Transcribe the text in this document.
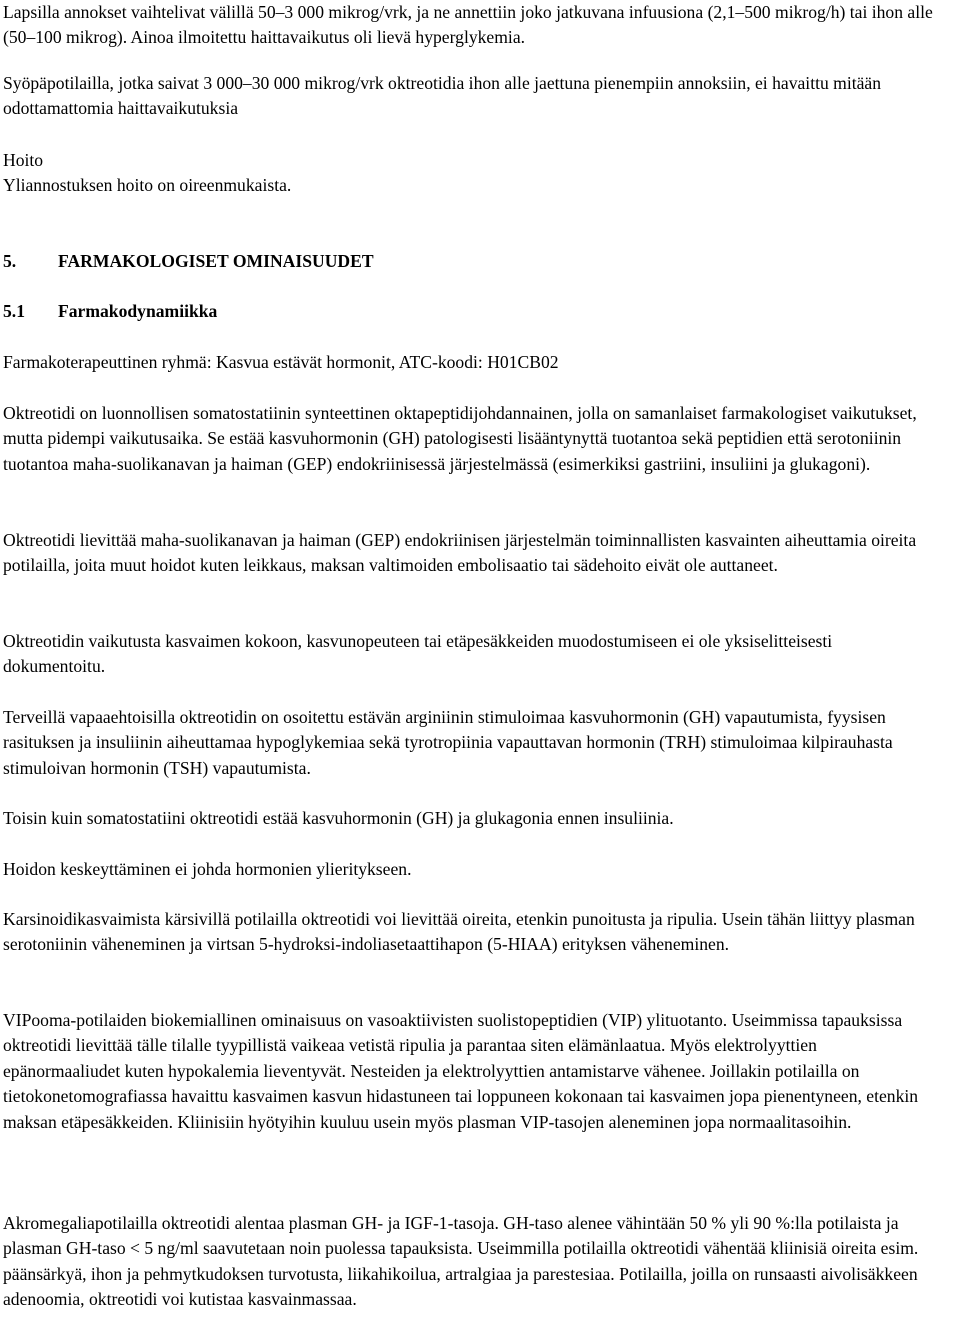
Lapsilla annokset vaihtelivat välillä 50–3 000 mikrog/vrk, ja ne annettiin joko jatkuvana infuusiona (2,1–500 mikrog/h) tai ihon alle (50–100 mikrog). Ainoa ilmoitettu haittavaikutus oli lievä hyperglykemia.

Syöpäpotilailla, jotka saivat 3 000–30 000 mikrog/vrk oktreotidia ihon alle jaettuna pienempiin annoksiin, ei havaittu mitään odottamattomia haittavaikutuksia

Hoito

Yliannostuksen hoito on oireenmukaista.

5. FARMAKOLOGISET OMINAISUUDET

5.1 Farmakodynamiikka

Farmakoterapeuttinen ryhmä: Kasvua estävät hormonit, ATC-koodi: H01CB02

Oktreotidi on luonnollisen somatostatiinin synteettinen oktapeptidijohdannainen, jolla on samanlaiset farmakologiset vaikutukset, mutta pidempi vaikutusaika. Se estää kasvuhormonin (GH) patologisesti lisääntynyttä tuotantoa sekä peptidien että serotoniinin tuotantoa maha-suolikanavan ja haiman (GEP) endokriinisessä järjestelmässä (esimerkiksi gastriini, insuliini ja glukagoni).

Oktreotidi lievittää maha-suolikanavan ja haiman (GEP) endokriinisen järjestelmän toiminnallisten kasvainten aiheuttamia oireita potilailla, joita muut hoidot kuten leikkaus, maksan valtimoiden embolisaatio tai sädehoito eivät ole auttaneet.

Oktreotidin vaikutusta kasvaimen kokoon, kasvunopeuteen tai etäpesäkkeiden muodostumiseen ei ole yksiselitteisesti dokumentoitu.

Terveillä vapaaehtoisilla oktreotidin on osoitettu estävän arginiinin stimuloimaa kasvuhormonin (GH) vapautumista, fyysisen rasituksen ja insuliinin aiheuttamaa hypoglykemiaa sekä tyrotropiinia vapauttavan hormonin (TRH) stimuloimaa kilpirauhasta stimuloivan hormonin (TSH) vapautumista.

Toisin kuin somatostatiini oktreotidi estää kasvuhormonin (GH) ja glukagonia ennen insuliinia.

Hoidon keskeyttäminen ei johda hormonien ylieritykseen.

Karsinoidikasvaimista kärsivillä potilailla oktreotidi voi lievittää oireita, etenkin punoitusta ja ripulia. Usein tähän liittyy plasman serotoniinin väheneminen ja virtsan 5-hydroksi-indoliasetaattihapon (5-HIAA) erityksen väheneminen.

VIPooma-potilaiden biokemiallinen ominaisuus on vasoaktiivisten suolistopeptidien (VIP) ylituotanto. Useimmissa tapauksissa oktreotidi lievittää tälle tilalle tyypillistä vaikeaa vetistä ripulia ja parantaa siten elämänlaatua. Myös elektrolyyttien epänormaaliudet kuten hypokalemia lieventyvät. Nesteiden ja elektrolyyttien antamistarve vähenee. Joillakin potilailla on tietokonetomografiassa havaittu kasvaimen kasvun hidastuneen tai loppuneen kokonaan tai kasvaimen jopa pienentyneen, etenkin maksan etäpesäkkeiden. Kliinisiin hyötyihin kuuluu usein myös plasman VIP-tasojen aleneminen jopa normaalitasoihin.

Akromegaliapotilailla oktreotidi alentaa plasman GH- ja IGF-1-tasoja. GH-taso alenee vähintään 50 % yli 90 %:lla potilaista ja plasman GH-taso < 5 ng/ml saavutetaan noin puolessa tapauksista. Useimmilla potilailla oktreotidi vähentää kliinisiä oireita esim. päänsärkyä, ihon ja pehmytkudoksen turvotusta, liikahikoilua, artralgiaa ja parestesiaa. Potilailla, joilla on runsaasti aivolisäkkeen adenoomia, oktreotidi voi kutistaa kasvainmassaa.
